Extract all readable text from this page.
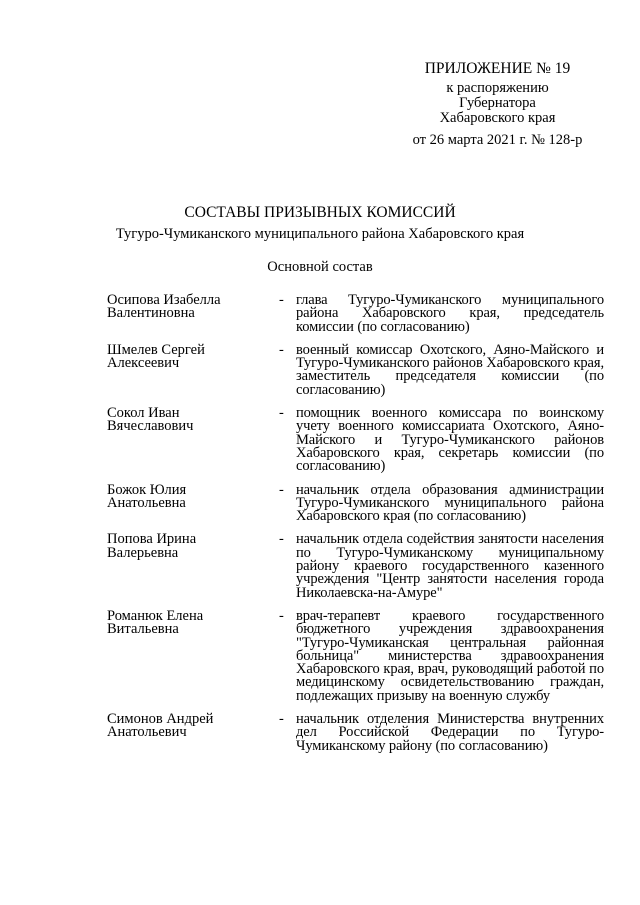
ПРИЛОЖЕНИЕ № 19
к распоряжению
Губернатора
Хабаровского края
от 26 марта 2021 г. № 128-р
СОСТАВЫ ПРИЗЫВНЫХ КОМИССИЙ
Тугуро-Чумиканского муниципального района Хабаровского края
Основной состав
Осипова Изабелла
Валентиновна
- глава Тугуро-Чумиканского муниципального района Хабаровского края, председатель комиссии (по согласованию)
Шмелев Сергей
Алексеевич
- военный комиссар Охотского, Аяно-Майского и Тугуро-Чумиканского районов Хабаровского края, заместитель председателя комиссии (по согласованию)
Сокол Иван
Вячеславович
- помощник военного комиссара по воинскому учету военного комиссариата Охотского, Аяно-Майского и Тугуро-Чумиканского районов Хабаровского края, секретарь комиссии (по согласованию)
Божок Юлия
Анатольевна
- начальник отдела образования администрации Тугуро-Чумиканского муниципального района Хабаровского края (по согласованию)
Попова Ирина
Валерьевна
- начальник отдела содействия занятости населения по Тугуро-Чумиканскому муниципальному району краевого государственного казенного учреждения "Центр занятости населения города Николаевска-на-Амуре"
Романюк Елена
Витальевна
- врач-терапевт краевого государственного бюджетного учреждения здравоохранения "Тугуро-Чумиканская центральная районная больница" министерства здравоохранения Хабаровского края, врач, руководящий работой по медицинскому освидетельствованию граждан, подлежащих призыву на военную службу
Симонов Андрей
Анатольевич
- начальник отделения Министерства внутренних дел Российской Федерации по Тугуро-Чумиканскому району (по согласованию)
